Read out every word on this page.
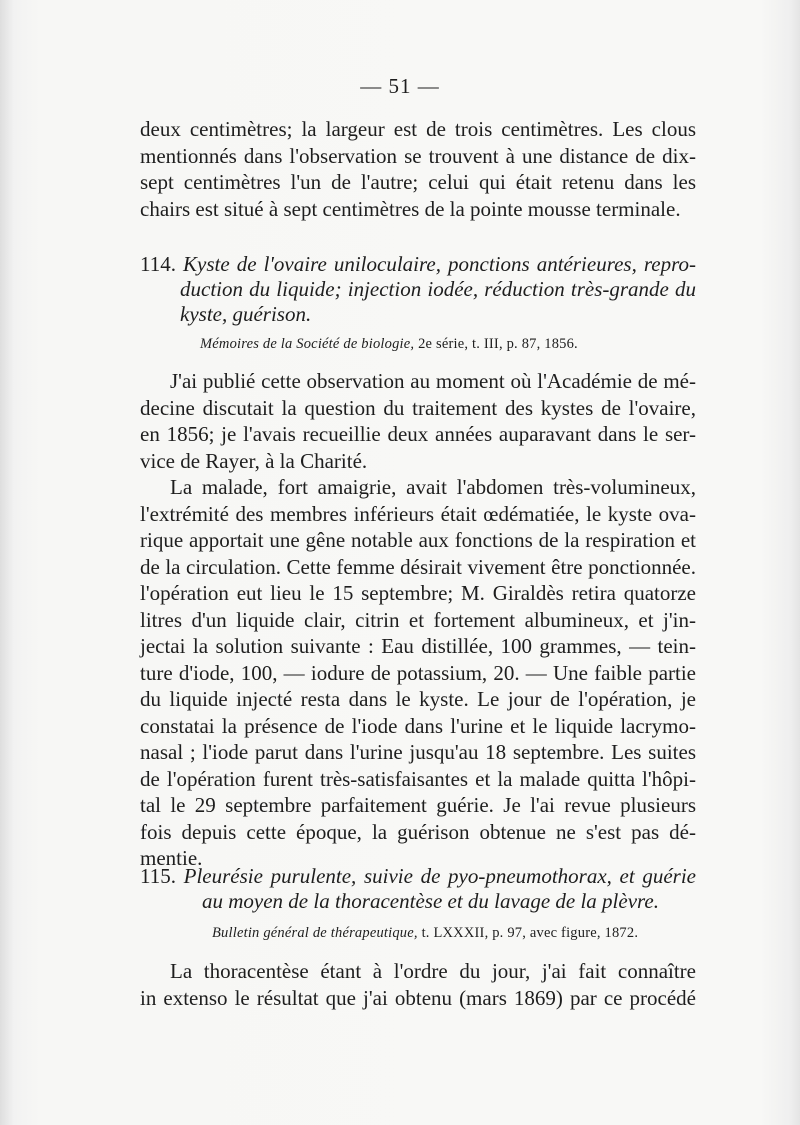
— 51 —
deux centimètres; la largeur est de trois centimètres. Les clous
mentionnés dans l'observation se trouvent à une distance de dix-
sept centimètres l'un de l'autre; celui qui était retenu dans les
chairs est situé à sept centimètres de la pointe mousse terminale.
114. Kyste de l'ovaire uniloculaire, ponctions antérieures, repro-
duction du liquide; injection iodée, réduction très-grande du
kyste, guérison.
Mémoires de la Société de biologie, 2e série, t. III, p. 87, 1856.
J'ai publié cette observation au moment où l'Académie de mé-
decine discutait la question du traitement des kystes de l'ovaire,
en 1856; je l'avais recueillie deux années auparavant dans le ser-
vice de Rayer, à la Charité.
La malade, fort amaigrie, avait l'abdomen très-volumineux,
l'extrémité des membres inférieurs était œdématiée, le kyste ova-
rique apportait une gêne notable aux fonctions de la respiration et
de la circulation. Cette femme désirait vivement être ponctionnée.
l'opération eut lieu le 15 septembre; M. Giraldès retira quatorze
litres d'un liquide clair, citrin et fortement albumineux, et j'in-
jectai la solution suivante : Eau distillée, 100 grammes, — tein-
ture d'iode, 100, — iodure de potassium, 20. — Une faible partie
du liquide injecté resta dans le kyste. Le jour de l'opération, je
constatai la présence de l'iode dans l'urine et le liquide lacrymo-
nasal ; l'iode parut dans l'urine jusqu'au 18 septembre. Les suites
de l'opération furent très-satisfaisantes et la malade quitta l'hôpi-
tal le 29 septembre parfaitement guérie. Je l'ai revue plusieurs
fois depuis cette époque, la guérison obtenue ne s'est pas dé-
mentie.
115. Pleurésie purulente, suivie de pyo-pneumothorax, et guérie
au moyen de la thoracentèse et du lavage de la plèvre.
Bulletin général de thérapeutique, t. LXXXII, p. 97, avec figure, 1872.
La thoracentèse étant à l'ordre du jour, j'ai fait connaître
in extenso le résultat que j'ai obtenu (mars 1869) par ce procédé
